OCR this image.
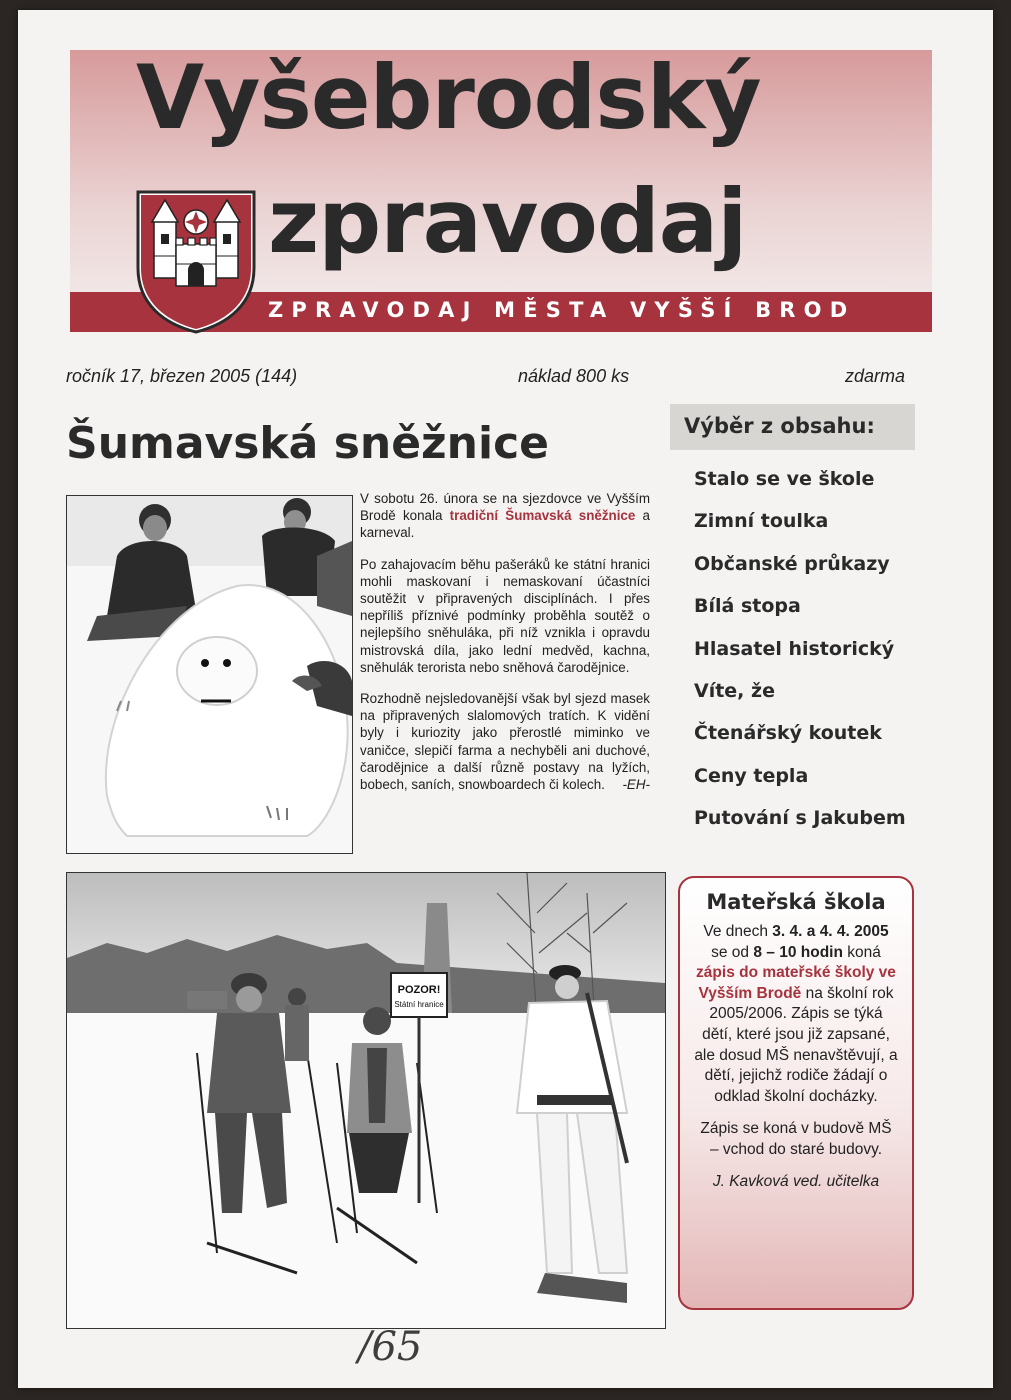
Vyšebrodský
zpravodaj

ZPRAVODAJ MĚSTA VYŠŠÍ BROD

ročník 17, březen 2005 (144)	náklad 800 ks	zdarma
Šumavská sněžnice

V sobotu 26. února se na sjezdovce ve Vyšším Brodě konala tradiční Šumavská sněžnice a karneval.

Po zahajovacím běhu pašeráků ke státní hranici mohli maskovaní i nemaskovaní účastníci soutěžit v připravených disciplínách. I přes nepříliš příznivé podmínky proběhla soutěž o nejlepšího sněhuláka, při níž vznikla i opravdu mistrovská díla, jako lední medvěd, kachna, sněhulák terorista nebo sněhová čarodějnice.

Rozhodně nejsledovanější však byl sjezd masek na připravených slalomových tratích. K vidění byly i kuriozity jako přerostlé miminko ve vaničce, slepičí farma a nechyběli ani duchové, čarodějnice a další různě postavy na lyžích, bobech, saních, snowboardech či kolech. -EH-

POZOR!
Státní hranice
Výběr z obsahu:
Stalo se ve škole
Zimní toulka
Občanské průkazy
Bílá stopa
Hlasatel historický
Víte, že
Čtenářský koutek
Ceny tepla
Putování s Jakubem
Mateřská škola
Ve dnech 3. 4. a 4. 4. 2005 se od 8 – 10 hodin koná zápis do mateřské školy ve Vyšším Brodě na školní rok 2005/2006. Zápis se týká dětí, které jsou již zapsané, ale dosud MŠ nenavštěvují, a dětí, jejichž rodiče žádají o odklad školní docházky.
Zápis se koná v budově MŠ – vchod do staré budovy.
J. Kavková ved. učitelka
/65
